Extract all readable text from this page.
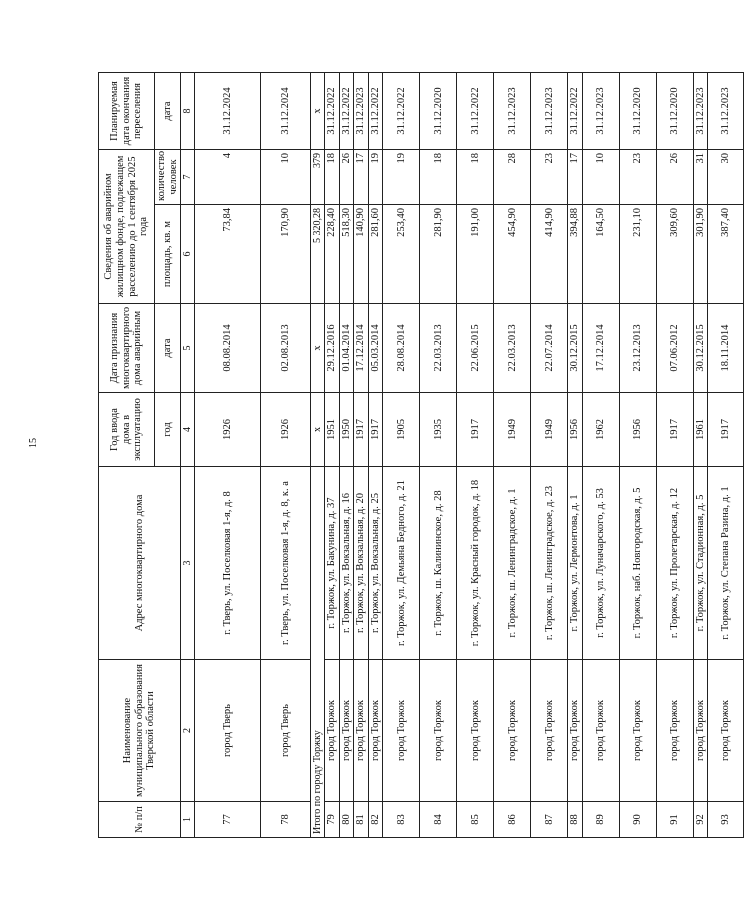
15
№ п/п	Наименование муниципального образования Тверской области	Адрес многоквартирного дома	Год ввода дома в эксплуатацию	Дата признания многоквартирного дома аварийным	Сведения об аварийном жилищном фонде, подлежащем расселению до 1 сентября 2025 года		Планируемая дата окончания переселения
			год	дата	площадь, кв. м	количество человек	дата
1	2	3	4	5	6	7	8
77	город Тверь	г. Тверь, ул. Поселковая 1-я, д. 8	1926	08.08.2014	73,84	4	31.12.2024
78	город Тверь	г. Тверь, ул. Поселковая 1-я, д. 8, к. а	1926	02.08.2013	170,90	10	31.12.2024
Итого по городу Торжку			x	x	5 320,28	379	x
79	город Торжок	г. Торжок, ул. Бакунина, д. 37	1951	29.12.2016	228,40	18	31.12.2022
80	город Торжок	г. Торжок, ул. Вокзальная, д. 16	1950	01.04.2014	518,30	26	31.12.2022
81	город Торжок	г. Торжок, ул. Вокзальная, д. 20	1917	17.12.2014	140,90	17	31.12.2023
82	город Торжок	г. Торжок, ул. Вокзальная, д. 25	1917	05.03.2014	281,60	19	31.12.2022
83	город Торжок	г. Торжок, ул. Демьяна Бедного, д. 21	1905	28.08.2014	253,40	19	31.12.2022
84	город Торжок	г. Торжок, ш. Калининское, д. 28	1935	22.03.2013	281,90	18	31.12.2020
85	город Торжок	г. Торжок, ул. Красный городок, д. 18	1917	22.06.2015	191,00	18	31.12.2022
86	город Торжок	г. Торжок, ш. Ленинградское, д. 1	1949	22.03.2013	454,90	28	31.12.2023
87	город Торжок	г. Торжок, ш. Ленинградское, д. 23	1949	22.07.2014	414,90	23	31.12.2023
88	город Торжок	г. Торжок, ул. Лермонтова, д. 1	1956	30.12.2015	394,88	17	31.12.2022
89	город Торжок	г. Торжок, ул. Луначарского, д. 53	1962	17.12.2014	164,50	10	31.12.2023
90	город Торжок	г. Торжок, наб. Новгородская, д. 5	1956	23.12.2013	231,10	23	31.12.2020
91	город Торжок	г. Торжок, ул. Пролетарская, д. 12	1917	07.06.2012	309,60	26	31.12.2020
92	город Торжок	г. Торжок, ул. Стадионная, д. 5	1961	30.12.2015	301,90	31	31.12.2023
93	город Торжок	г. Торжок, ул. Степана Разина, д. 1	1917	18.11.2014	387,40	30	31.12.2023
